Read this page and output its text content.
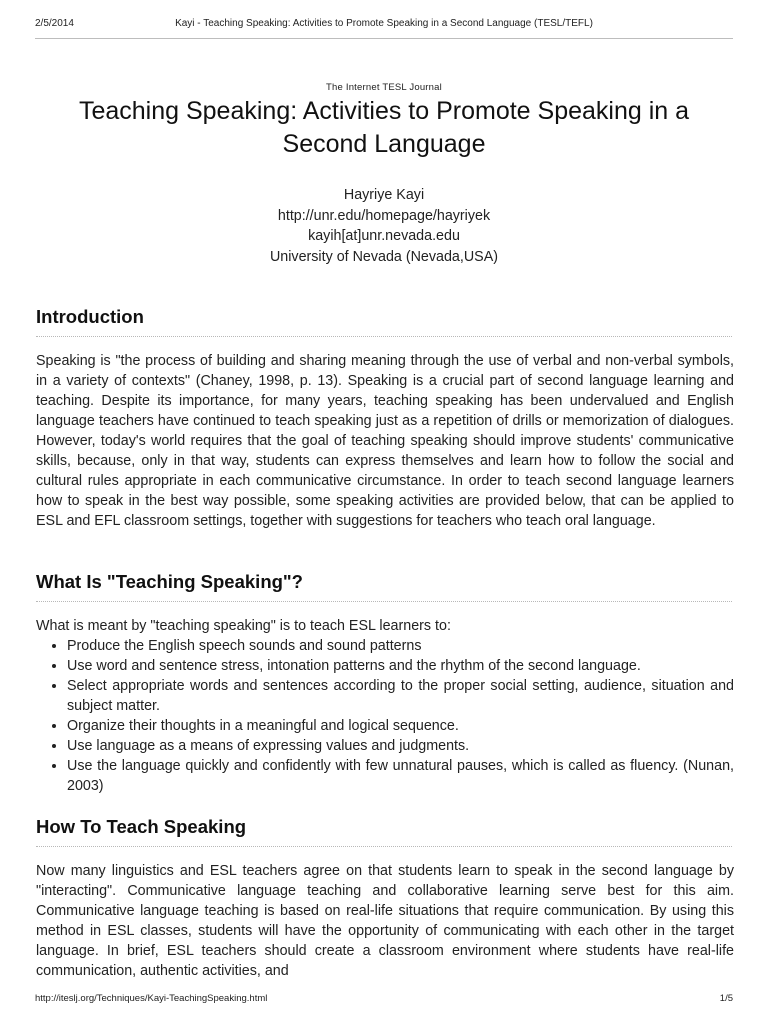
2/5/2014	Kayi - Teaching Speaking: Activities to Promote Speaking in a Second Language (TESL/TEFL)
The Internet TESL Journal
Teaching Speaking: Activities to Promote Speaking in a
Second Language
Hayriye Kayi
http://unr.edu/homepage/hayriyek
kayih[at]unr.nevada.edu
University of Nevada (Nevada,USA)
Introduction

Speaking is "the process of building and sharing meaning through the use of verbal and non-verbal symbols, in a variety of contexts" (Chaney, 1998, p. 13). Speaking is a crucial part of second language learning and teaching. Despite its importance, for many years, teaching speaking has been undervalued and English language teachers have continued to teach speaking just as a repetition of drills or memorization of dialogues. However, today's world requires that the goal of teaching speaking should improve students' communicative skills, because, only in that way, students can express themselves and learn how to follow the social and cultural rules appropriate in each communicative circumstance. In order to teach second language learners how to speak in the best way possible, some speaking activities are provided below, that can be applied to ESL and EFL classroom settings, together with suggestions for teachers who teach oral language.

What Is "Teaching Speaking"?

What is meant by "teaching speaking" is to teach ESL learners to:

• Produce the English speech sounds and sound patterns
• Use word and sentence stress, intonation patterns and the rhythm of the second language.
• Select appropriate words and sentences according to the proper social setting, audience, situation and subject matter.
• Organize their thoughts in a meaningful and logical sequence.
• Use language as a means of expressing values and judgments.
• Use the language quickly and confidently with few unnatural pauses, which is called as fluency. (Nunan, 2003)
How To Teach Speaking

Now many linguistics and ESL teachers agree on that students learn to speak in the second language by "interacting". Communicative language teaching and collaborative learning serve best for this aim. Communicative language teaching is based on real-life situations that require communication. By using this method in ESL classes, students will have the opportunity of communicating with each other in the target language. In brief, ESL teachers should create a classroom environment where students have real-life communication, authentic activities, and

http://iteslj.org/Techniques/Kayi-TeachingSpeaking.html	1/5
